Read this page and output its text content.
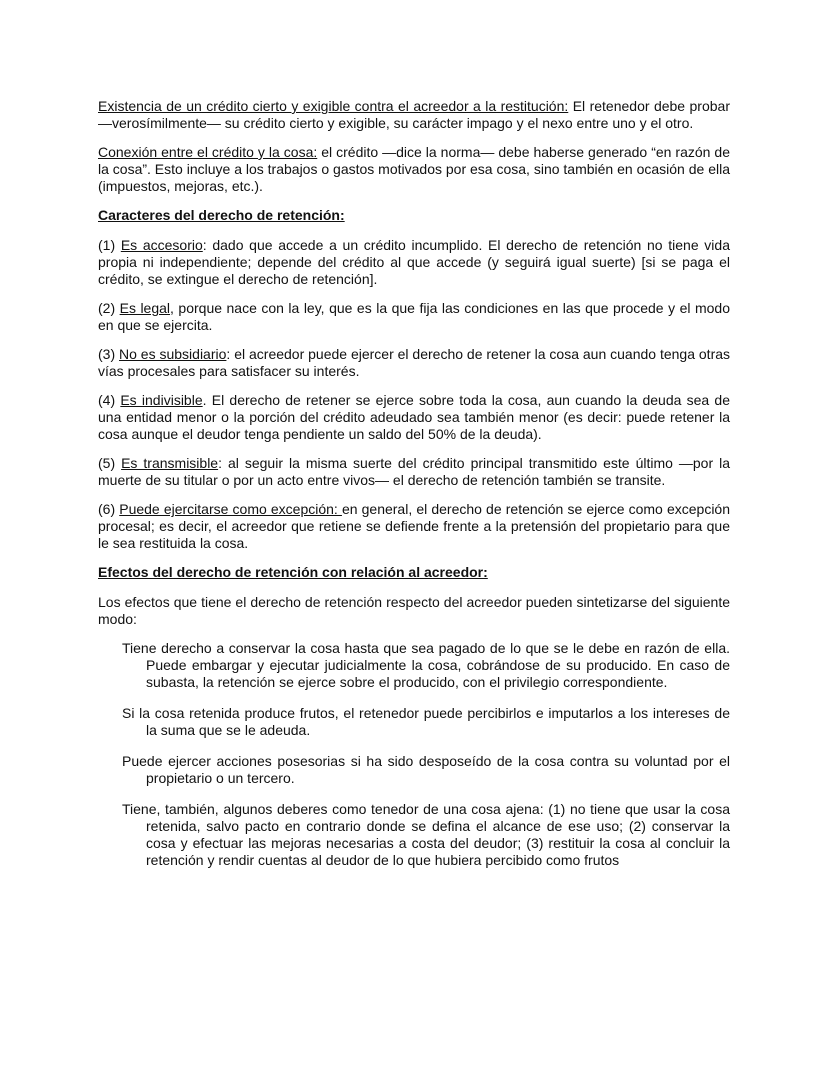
Existencia de un crédito cierto y exigible contra el acreedor a la restitución: El retenedor debe probar —verosímilmente— su crédito cierto y exigible, su carácter impago y el nexo entre uno y el otro.

Conexión entre el crédito y la cosa: el crédito —dice la norma— debe haberse generado “en razón de la cosa”. Esto incluye a los trabajos o gastos motivados por esa cosa, sino también en ocasión de ella (impuestos, mejoras, etc.).

Caracteres del derecho de retención:

(1) Es accesorio: dado que accede a un crédito incumplido. El derecho de retención no tiene vida propia ni independiente; depende del crédito al que accede (y seguirá igual suerte) [si se paga el crédito, se extingue el derecho de retención].

(2) Es legal, porque nace con la ley, que es la que fija las condiciones en las que procede y el modo en que se ejercita.

(3) No es subsidiario: el acreedor puede ejercer el derecho de retener la cosa aun cuando tenga otras vías procesales para satisfacer su interés.

(4) Es indivisible. El derecho de retener se ejerce sobre toda la cosa, aun cuando la deuda sea de una entidad menor o la porción del crédito adeudado sea también menor (es decir: puede retener la cosa aunque el deudor tenga pendiente un saldo del 50% de la deuda).

(5) Es transmisible: al seguir la misma suerte del crédito principal transmitido este último —por la muerte de su titular o por un acto entre vivos— el derecho de retención también se transite.

(6) Puede ejercitarse como excepción: en general, el derecho de retención se ejerce como excepción procesal; es decir, el acreedor que retiene se defiende frente a la pretensión del propietario para que le sea restituida la cosa.

Efectos del derecho de retención con relación al acreedor:

Los efectos que tiene el derecho de retención respecto del acreedor pueden sintetizarse del siguiente modo:

Tiene derecho a conservar la cosa hasta que sea pagado de lo que se le debe en razón de ella. Puede embargar y ejecutar judicialmente la cosa, cobrándose de su producido. En caso de subasta, la retención se ejerce sobre el producido, con el privilegio correspondiente.

Si la cosa retenida produce frutos, el retenedor puede percibirlos e imputarlos a los intereses de la suma que se le adeuda.

Puede ejercer acciones posesorias si ha sido desposeído de la cosa contra su voluntad por el propietario o un tercero.

Tiene, también, algunos deberes como tenedor de una cosa ajena: (1) no tiene que usar la cosa retenida, salvo pacto en contrario donde se defina el alcance de ese uso; (2) conservar la cosa y efectuar las mejoras necesarias a costa del deudor; (3) restituir la cosa al concluir la retención y rendir cuentas al deudor de lo que hubiera percibido como frutos
